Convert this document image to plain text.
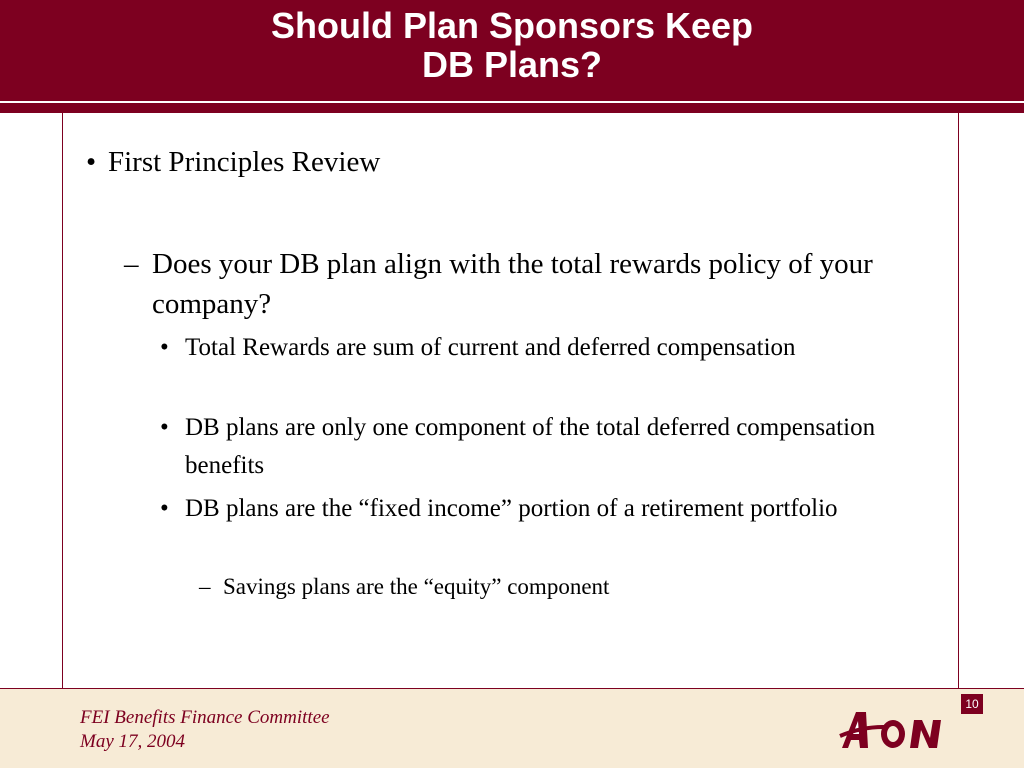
Should Plan Sponsors Keep
DB Plans?
• First Principles Review
– Does your DB plan align with the total rewards policy of your company?
• Total Rewards are sum of current and deferred compensation
• DB plans are only one component of the total deferred compensation benefits
• DB plans are the “fixed income” portion of a retirement portfolio
– Savings plans are the “equity” component
FEI Benefits Finance Committee
May 17, 2004
10
